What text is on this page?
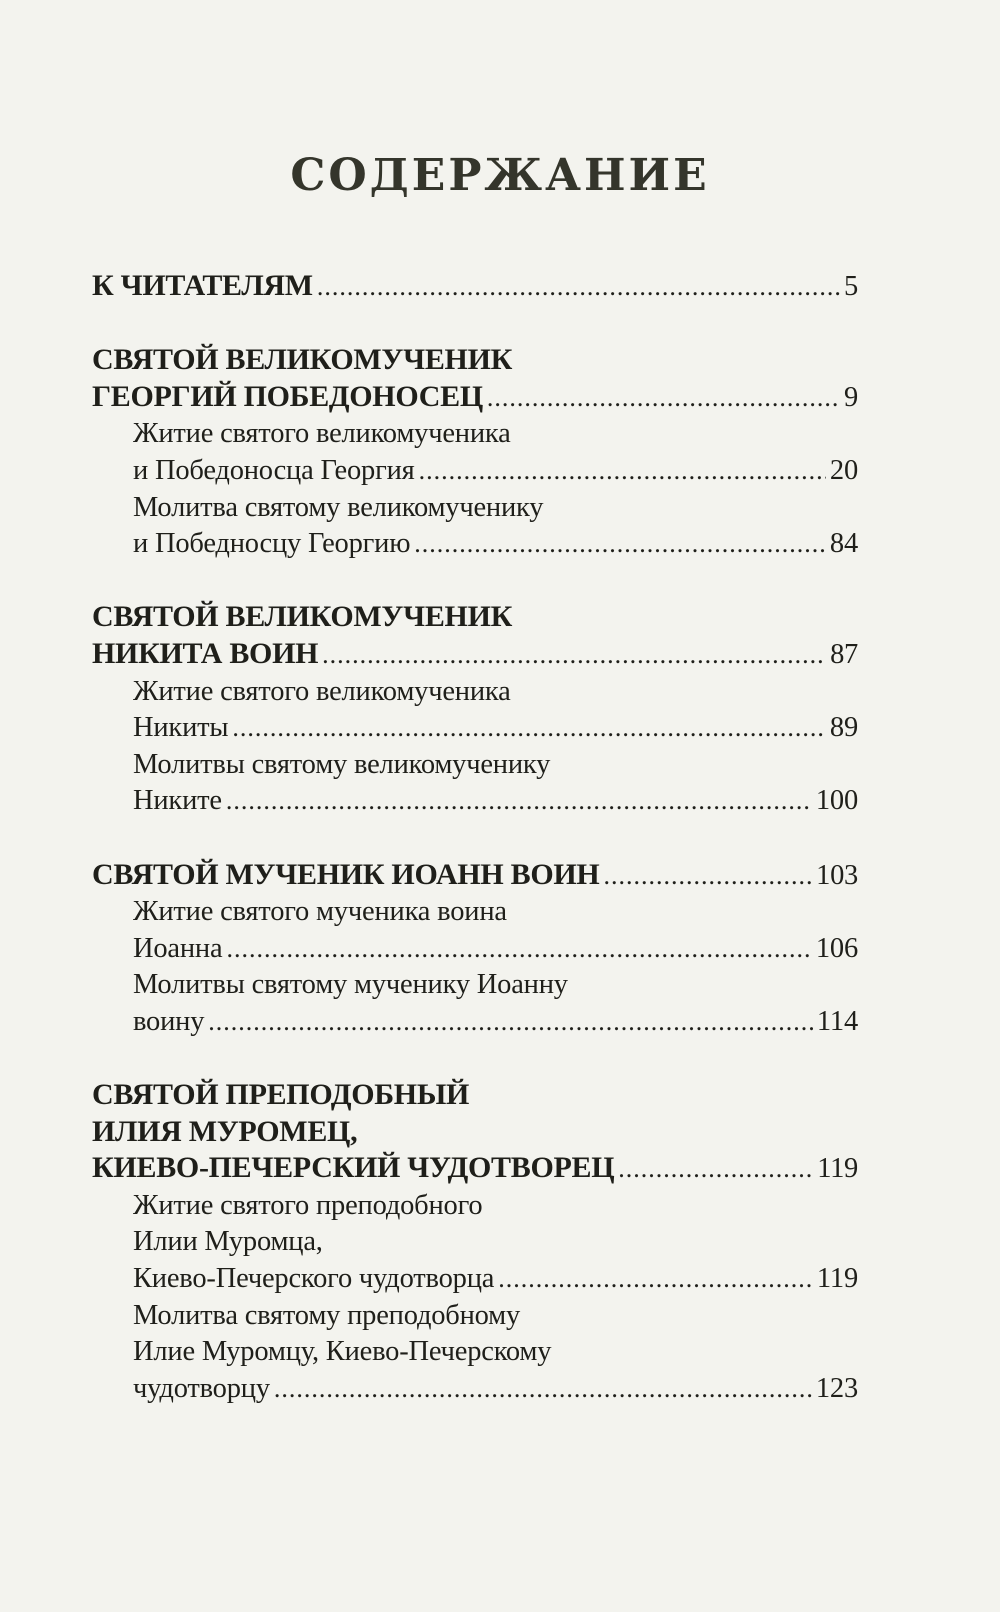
СОДЕРЖАНИЕ
К ЧИТАТЕЛЯМ .....	5
СВЯТОЙ ВЕЛИКОМУЧЕНИК
ГЕОРГИЙ ПОБЕДОНОСЕЦ .....	9
Житие святого великомученика
и Победоносца Георгия .....	20
Молитва святому великомученику
и Победносцу Георгию .....	84
СВЯТОЙ ВЕЛИКОМУЧЕНИК
НИКИТА ВОИН .....	87
Житие святого великомученика
Никиты .....	89
Молитвы святому великомученику
Никите .....	100
СВЯТОЙ МУЧЕНИК ИОАНН ВОИН .....	103
Житие святого мученика воина
Иоанна .....	106
Молитвы святому мученику Иоанну
воину .....	114
СВЯТОЙ ПРЕПОДОБНЫЙ
ИЛИЯ МУРОМЕЦ,
КИЕВО-ПЕЧЕРСКИЙ ЧУДОТВОРЕЦ .....	119
Житие святого преподобного
Илии Муромца,
Киево-Печерского чудотворца .....	119
Молитва святому преподобному
Илие Муромцу, Киево-Печерскому
чудотворцу .....	123
